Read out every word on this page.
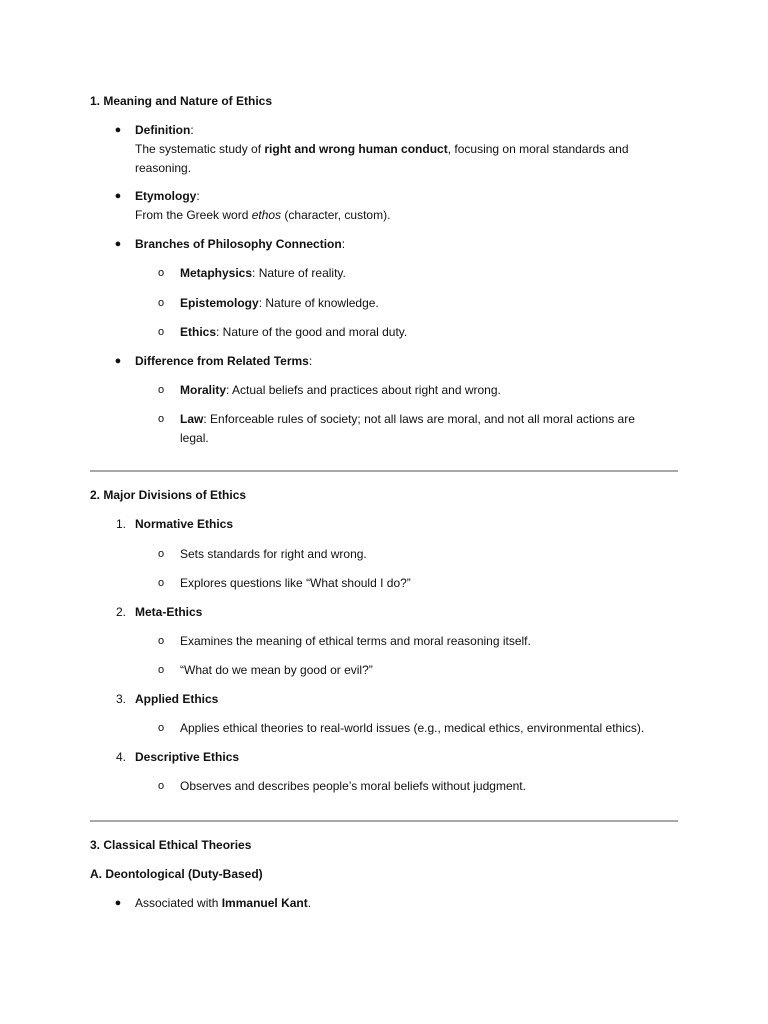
1. Meaning and Nature of Ethics
●	Definition:
The systematic study of right and wrong human conduct, focusing on moral standards and
reasoning.
●	Etymology:
From the Greek word ethos (character, custom).
●	Branches of Philosophy Connection:
o	Metaphysics: Nature of reality.
o	Epistemology: Nature of knowledge.
o	Ethics: Nature of the good and moral duty.
●	Difference from Related Terms:
o	Morality: Actual beliefs and practices about right and wrong.
o	Law: Enforceable rules of society; not all laws are moral, and not all moral actions are
legal.
2. Major Divisions of Ethics
1. Normative Ethics
o	Sets standards for right and wrong.
o	Explores questions like “What should I do?”
2. Meta-Ethics
o	Examines the meaning of ethical terms and moral reasoning itself.
o	“What do we mean by good or evil?”
3. Applied Ethics
o	Applies ethical theories to real-world issues (e.g., medical ethics, environmental ethics).
4. Descriptive Ethics
o	Observes and describes people’s moral beliefs without judgment.
3. Classical Ethical Theories
A. Deontological (Duty-Based)
●	Associated with Immanuel Kant.
